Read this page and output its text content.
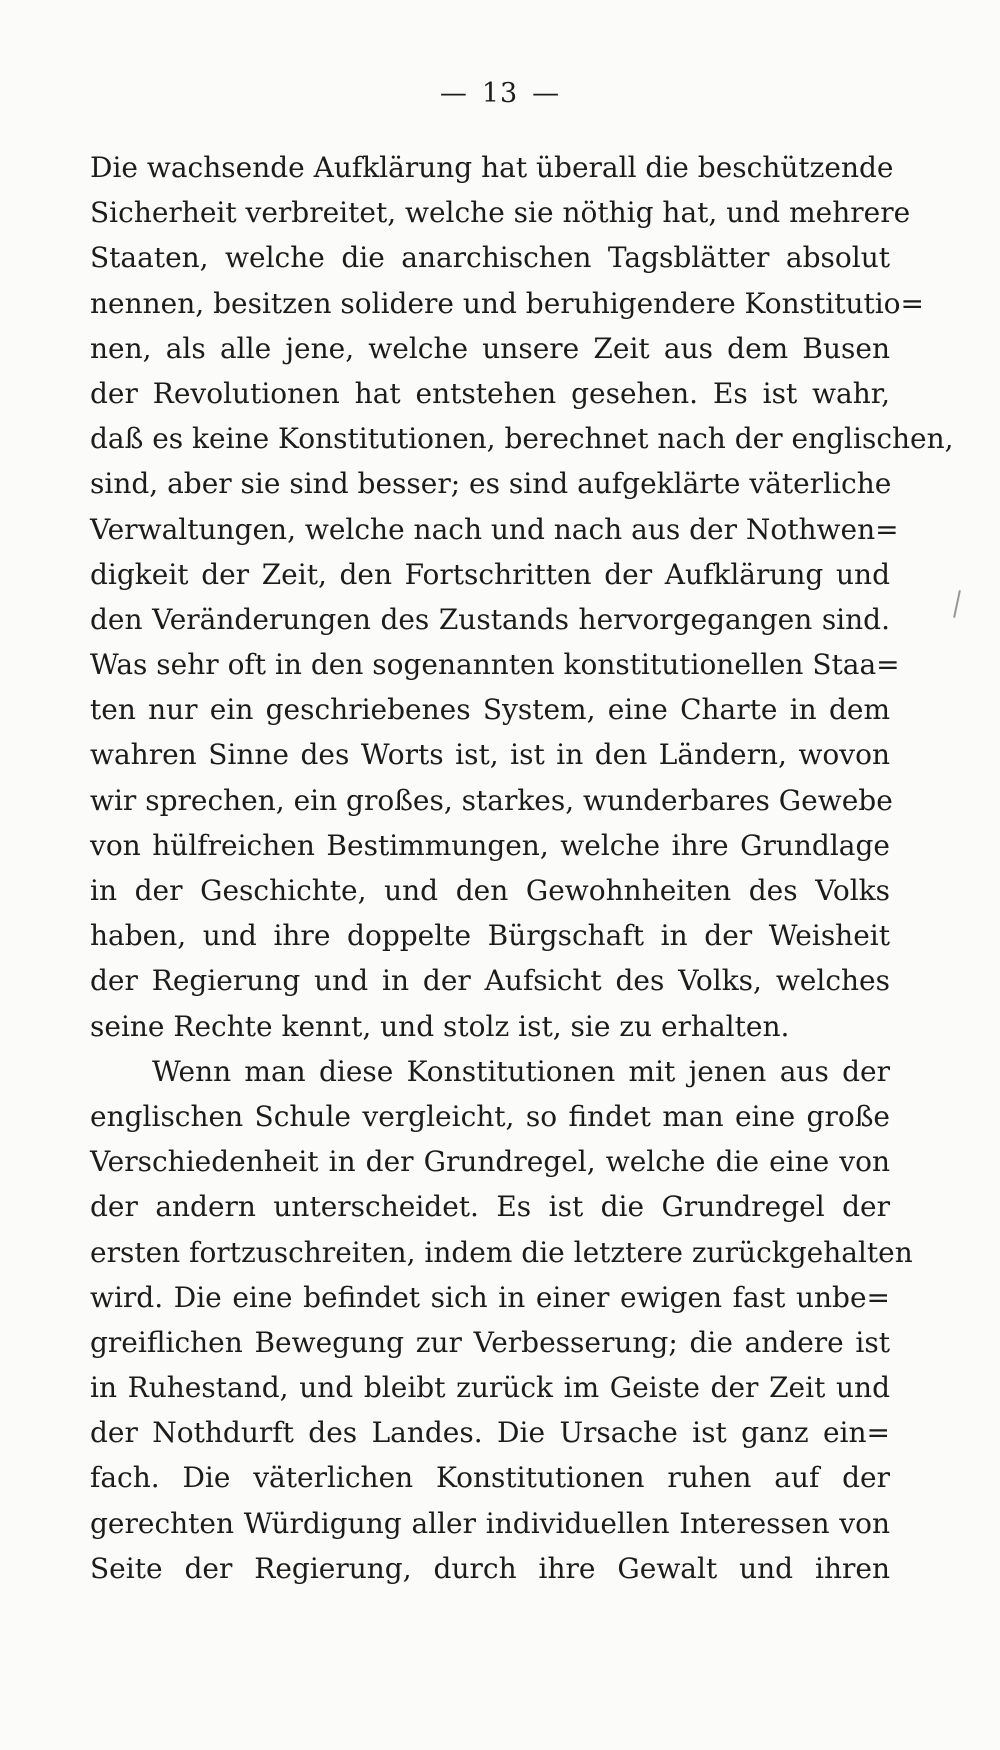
— 13 —
Die wachsende Aufklärung hat überall die beschützende
Sicherheit verbreitet, welche sie nöthig hat, und mehrere
Staaten, welche die anarchischen Tagsblätter absolut
nennen, besitzen solidere und beruhigendere Konstitutio=
nen, als alle jene, welche unsere Zeit aus dem Busen
der Revolutionen hat entstehen gesehen. Es ist wahr,
daß es keine Konstitutionen, berechnet nach der englischen,
sind, aber sie sind besser; es sind aufgeklärte väterliche
Verwaltungen, welche nach und nach aus der Nothwen=
digkeit der Zeit, den Fortschritten der Aufklärung und
den Veränderungen des Zustands hervorgegangen sind.
Was sehr oft in den sogenannten konstitutionellen Staa=
ten nur ein geschriebenes System, eine Charte in dem
wahren Sinne des Worts ist, ist in den Ländern, wovon
wir sprechen, ein großes, starkes, wunderbares Gewebe
von hülfreichen Bestimmungen, welche ihre Grundlage
in der Geschichte, und den Gewohnheiten des Volks
haben, und ihre doppelte Bürgschaft in der Weisheit
der Regierung und in der Aufsicht des Volks, welches
seine Rechte kennt, und stolz ist, sie zu erhalten.
Wenn man diese Konstitutionen mit jenen aus der
englischen Schule vergleicht, so findet man eine große
Verschiedenheit in der Grundregel, welche die eine von
der andern unterscheidet. Es ist die Grundregel der
ersten fortzuschreiten, indem die letztere zurückgehalten
wird. Die eine befindet sich in einer ewigen fast unbe=
greiflichen Bewegung zur Verbesserung; die andere ist
in Ruhestand, und bleibt zurück im Geiste der Zeit und
der Nothdurft des Landes. Die Ursache ist ganz ein=
fach. Die väterlichen Konstitutionen ruhen auf der
gerechten Würdigung aller individuellen Interessen von
Seite der Regierung, durch ihre Gewalt und ihren
